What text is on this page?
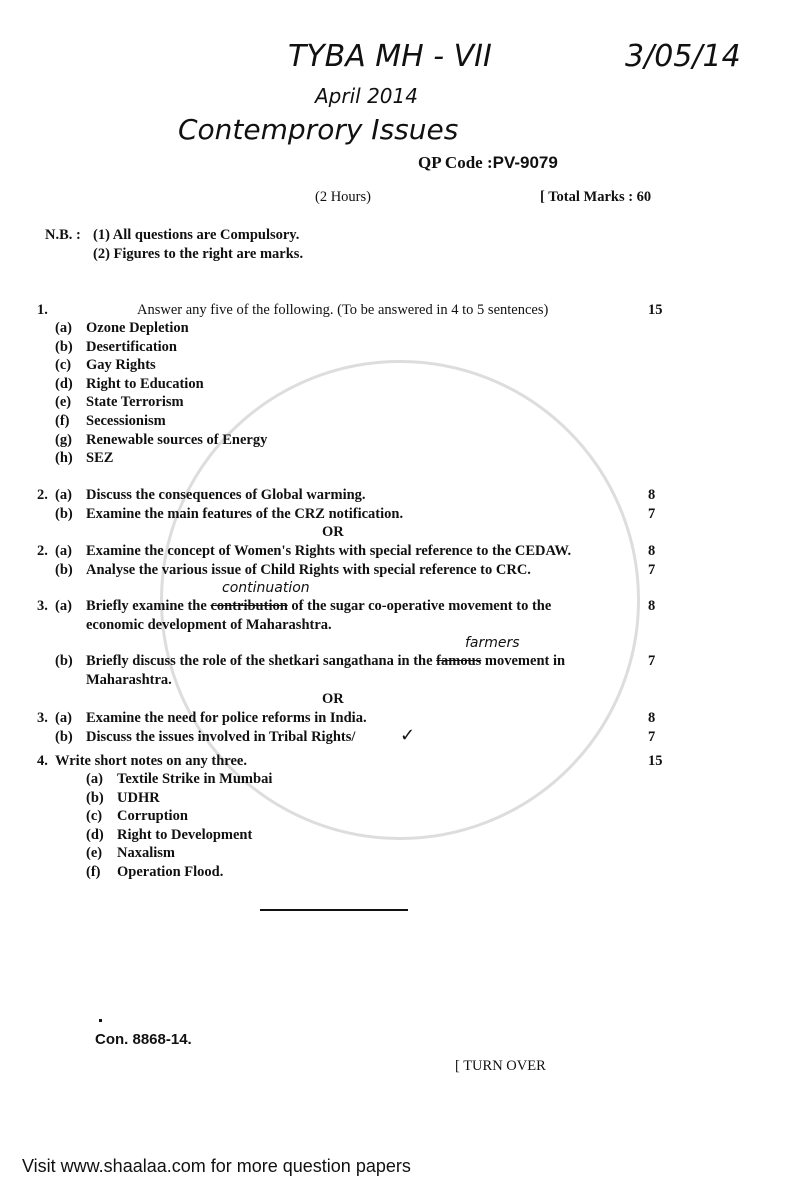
TYBA MH - VII	3/05/14
April 2014
Contemprory Issues
QP Code :PV-9079
(2 Hours)	[ Total Marks : 60
N.B. : (1) All questions are Compulsory.
(2) Figures to the right are marks.
1.	Answer any five of the following. (To be answered in 4 to 5 sentences)	15
Con. 8868-14.
[ TURN OVER
Visit www.shaalaa.com for more question papers
(a) Ozone Depletion
(b) Desertification
(c) Gay Rights
(d) Right to Education
(e) State Terrorism
(f) Secessionism
(g) Renewable sources of Energy
(h) SEZ
2. (a) Discuss the consequences of Global warming.	8
(b) Examine the main features of the CRZ notification.	7
OR
2. (a) Examine the concept of Women's Rights with special reference to the CEDAW.	8
(b) Analyse the various issue of Child Rights with special reference to CRC.	7
3. (a) Briefly examine the contribution of the sugar co-operative movement to the
economic development of Maharashtra.
8
(b) Briefly discuss the role of the shetkari sangathana in the famous movement in
Maharashtra.
7
continuation
farmers
OR
3. (a) Examine the need for police reforms in India.	8
(b) Discuss the issues involved in Tribal Rights/	7
✓
4. Write short notes on any three.	15
(a) Textile Strike in Mumbai
(b) UDHR
(c) Corruption
(d) Right to Development
(e) Naxalism
(f) Operation Flood.
